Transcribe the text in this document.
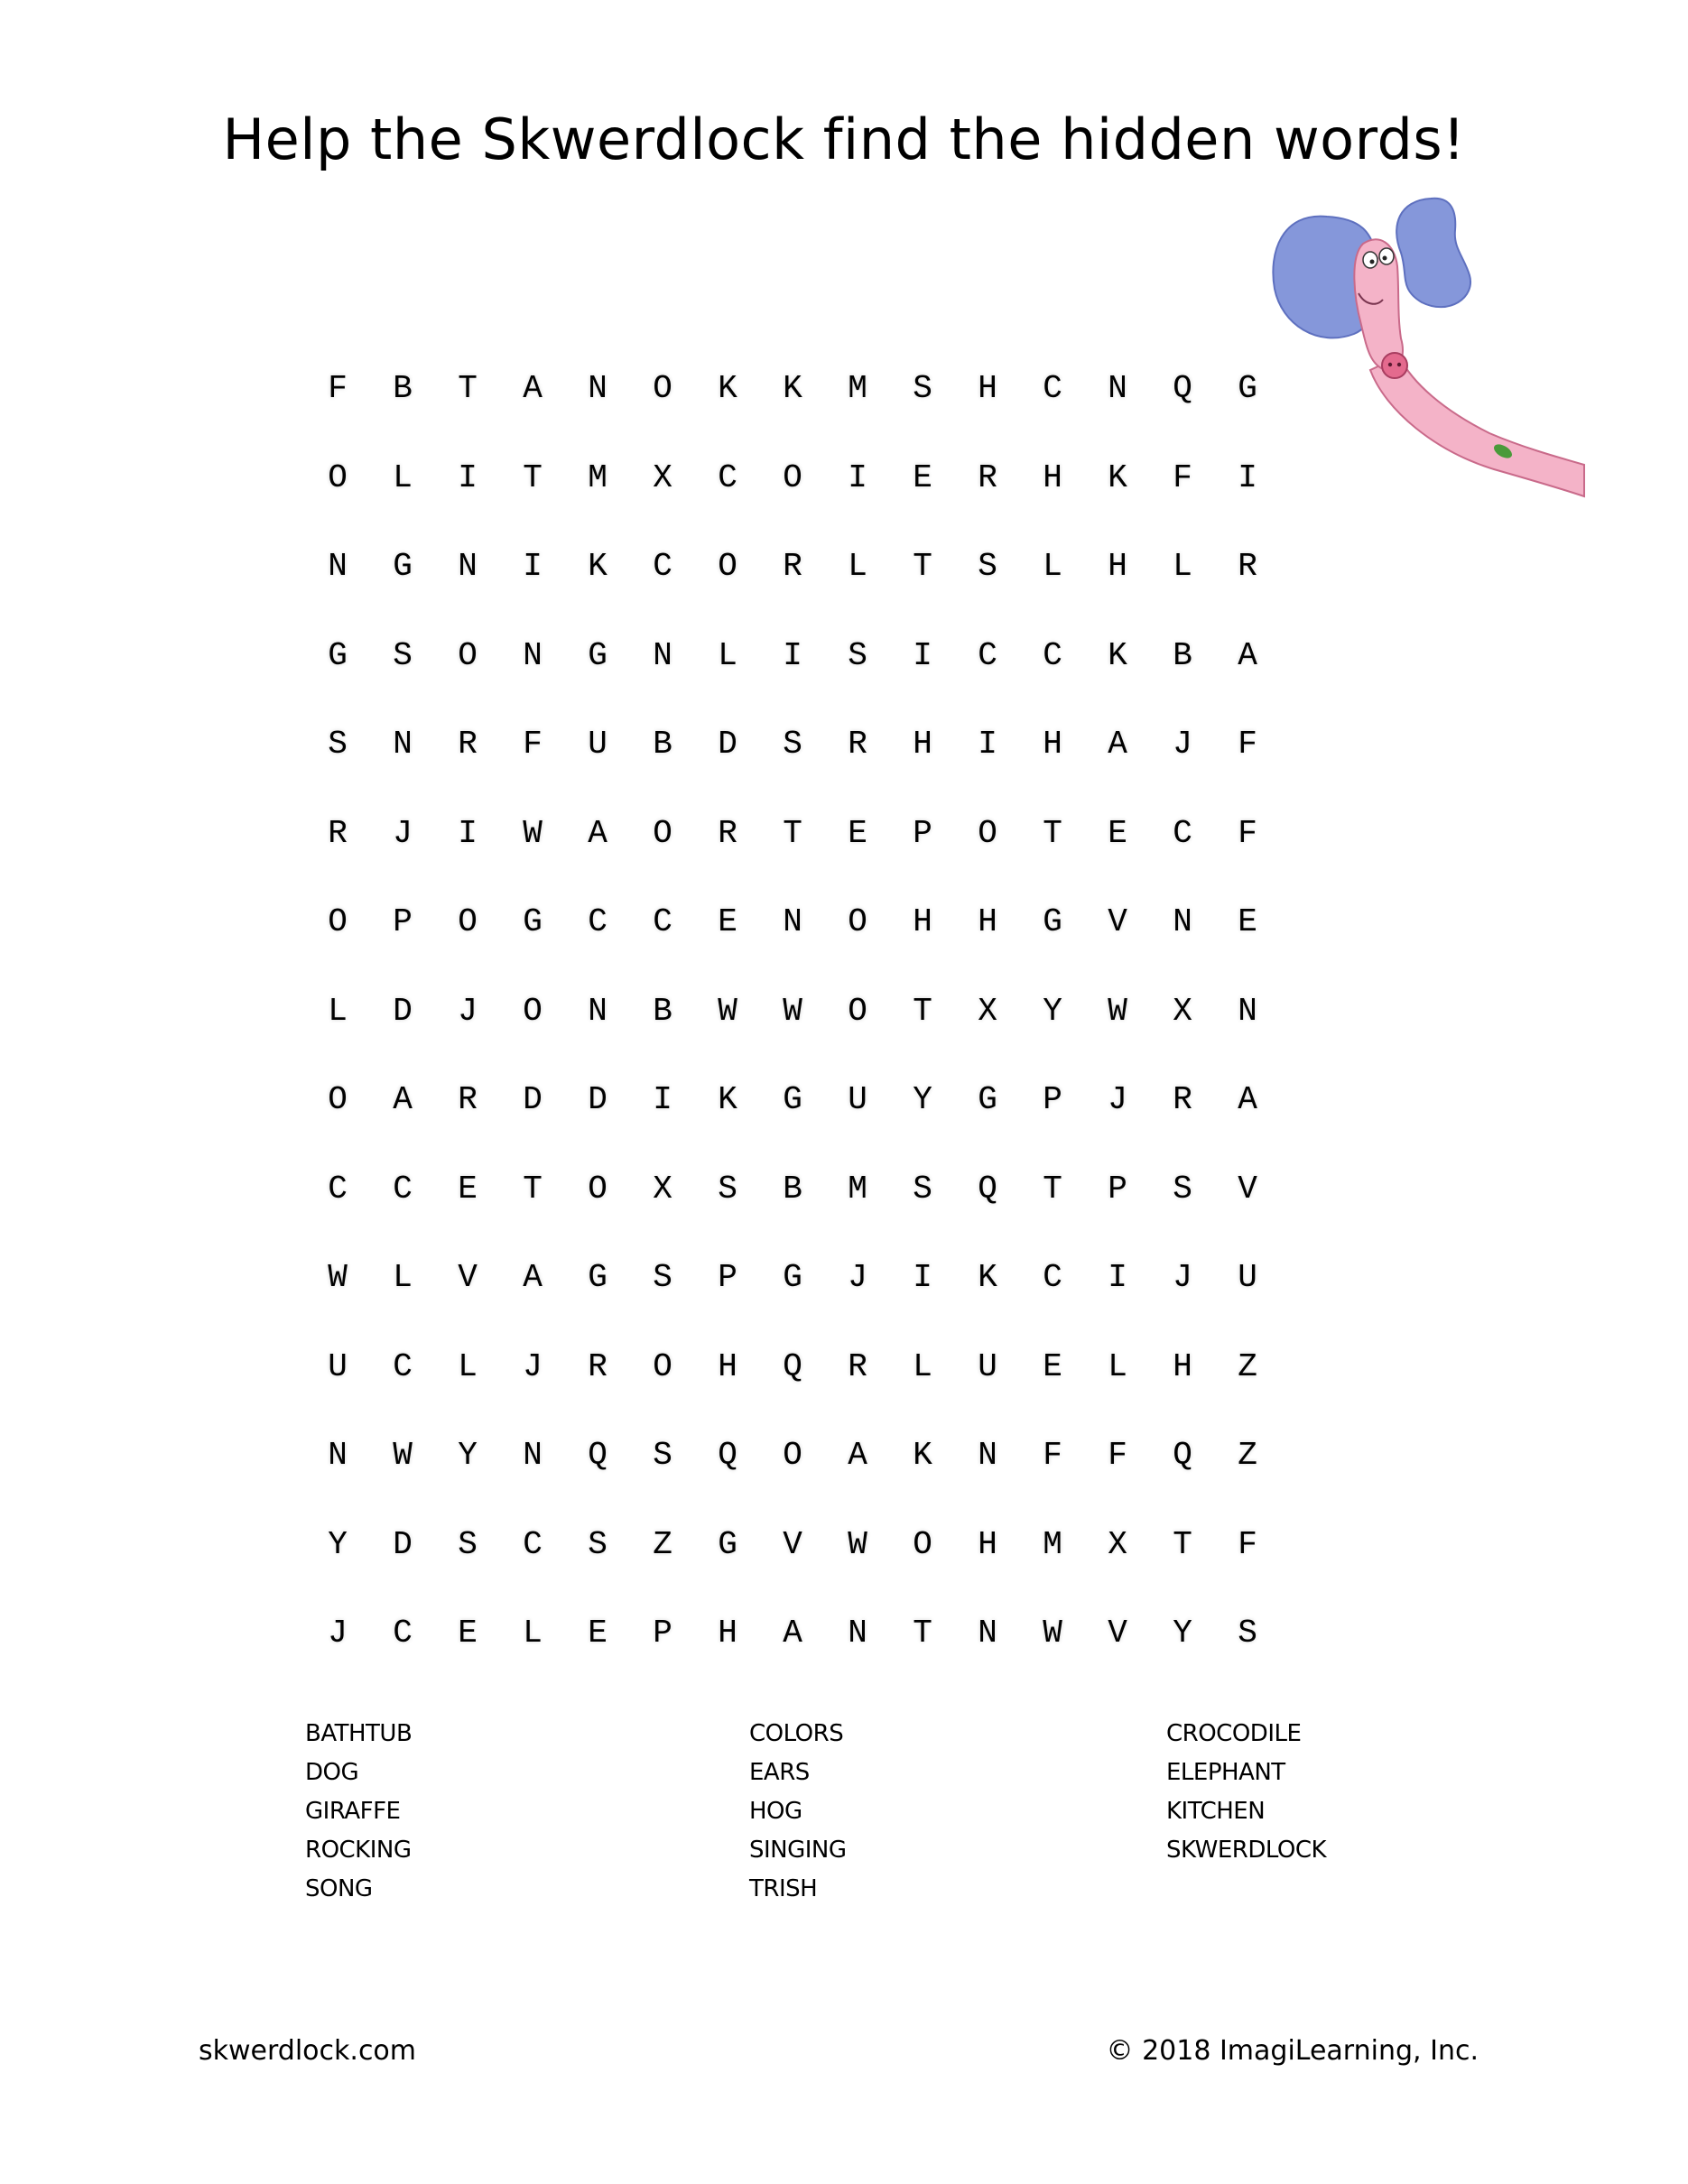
Help the Skwerdlock find the hidden words!
F	B	T	A	N	O	K	K	M	S	H	C	N	Q	G
O	L	I	T	M	X	C	O	I	E	R	H	K	F	I
N	G	N	I	K	C	O	R	L	T	S	L	H	L	R
G	S	O	N	G	N	L	I	S	I	C	C	K	B	A
S	N	R	F	U	B	D	S	R	H	I	H	A	J	F
R	J	I	W	A	O	R	T	E	P	O	T	E	C	F
O	P	O	G	C	C	E	N	O	H	H	G	V	N	E
L	D	J	O	N	B	W	W	O	T	X	Y	W	X	N
O	A	R	D	D	I	K	G	U	Y	G	P	J	R	A
C	C	E	T	O	X	S	B	M	S	Q	T	P	S	V
W	L	V	A	G	S	P	G	J	I	K	C	I	J	U
U	C	L	J	R	O	H	Q	R	L	U	E	L	H	Z
N	W	Y	N	Q	S	Q	O	A	K	N	F	F	Q	Z
Y	D	S	C	S	Z	G	V	W	O	H	M	X	T	F
J	C	E	L	E	P	H	A	N	T	N	W	V	Y	S
BATHTUB
DOG
GIRAFFE
ROCKING
SONG
COLORS
EARS
HOG
SINGING
TRISH
CROCODILE
ELEPHANT
KITCHEN
SKWERDLOCK
skwerdlock.com	© 2018 ImagiLearning, Inc.
